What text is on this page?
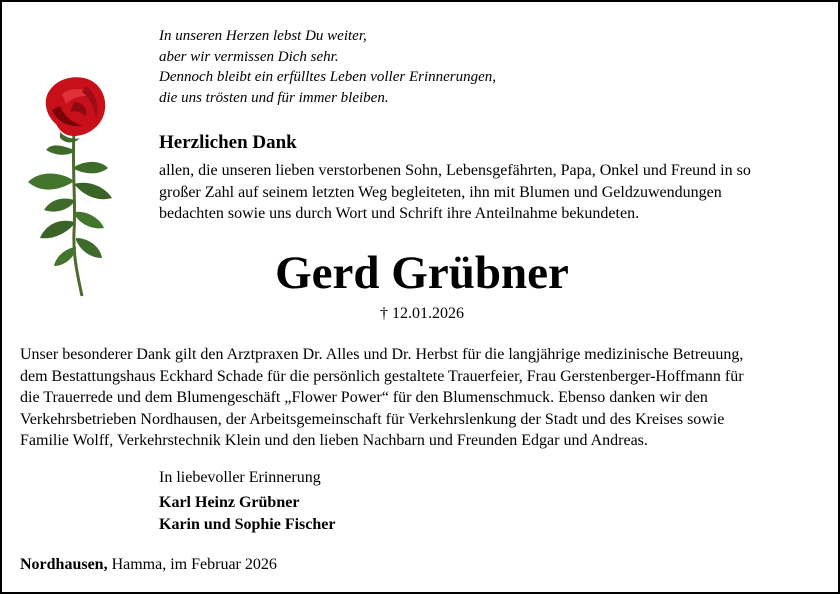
In unseren Herzen lebst Du weiter,
aber wir vermissen Dich sehr.
Dennoch bleibt ein erfülltes Leben voller Erinnerungen,
die uns trösten und für immer bleiben.
Herzlichen Dank
allen, die unseren lieben verstorbenen Sohn, Lebensgefährten, Papa, Onkel und Freund in so
großer Zahl auf seinem letzten Weg begleiteten, ihn mit Blumen und Geldzuwendungen
bedachten sowie uns durch Wort und Schrift ihre Anteilnahme bekundeten.
Gerd Grübner
† 12.01.2026
Unser besonderer Dank gilt den Arztpraxen Dr. Alles und Dr. Herbst für die langjährige medizinische Betreuung,
dem Bestattungshaus Eckhard Schade für die persönlich gestaltete Trauerfeier, Frau Gerstenberger-Hoffmann für
die Trauerrede und dem Blumengeschäft „Flower Power“ für den Blumenschmuck. Ebenso danken wir den
Verkehrsbetrieben Nordhausen, der Arbeitsgemeinschaft für Verkehrslenkung der Stadt und des Kreises sowie
Familie Wolff, Verkehrstechnik Klein und den lieben Nachbarn und Freunden Edgar und Andreas.
In liebevoller Erinnerung
Karl Heinz Grübner
Karin und Sophie Fischer
Nordhausen, Hamma, im Februar 2026
